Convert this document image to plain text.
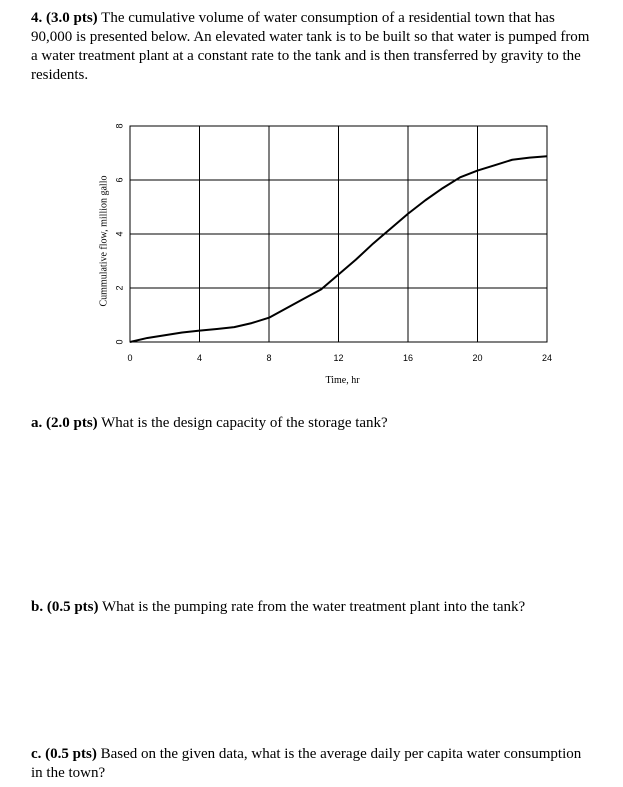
4. (3.0 pts) The cumulative volume of water consumption of a residential town that has 90,000 is presented below. An elevated water tank is to be built so that water is pumped from a water treatment plant at a constant rate to the tank and is then transferred by gravity to the residents.
0	4	8	12	16	20	24
0
2
4
6
8
Time, hr
Cummulative flow, million gallo
a. (2.0 pts) What is the design capacity of the storage tank?
b. (0.5 pts) What is the pumping rate from the water treatment plant into the tank?
c. (0.5 pts) Based on the given data, what is the average daily per capita water consumption in the town?
